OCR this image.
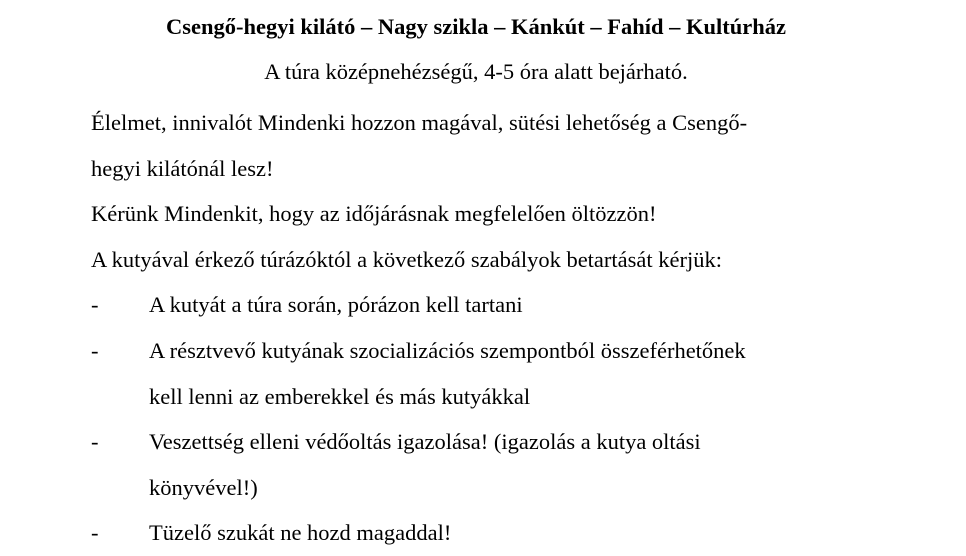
Csengő-hegyi kilátó – Nagy szikla – Kánkút – Fahíd – Kultúrház
A túra középnehézségű, 4-5 óra alatt bejárható.
Élelmet, innivalót Mindenki hozzon magával, sütési lehetőség a Csengő-
hegyi kilátónál lesz!
Kérünk Mindenkit, hogy az időjárásnak megfelelően öltözzön!
A kutyával érkező túrázóktól a következő szabályok betartását kérjük:
- A kutyát a túra során, pórázon kell tartani
- A résztvevő kutyának szocializációs szempontból összeférhetőnek
kell lenni az emberekkel és más kutyákkal
- Veszettség elleni védőoltás igazolása! (igazolás a kutya oltási
könyvével!)
- Tüzelő szukát ne hozd magaddal!
